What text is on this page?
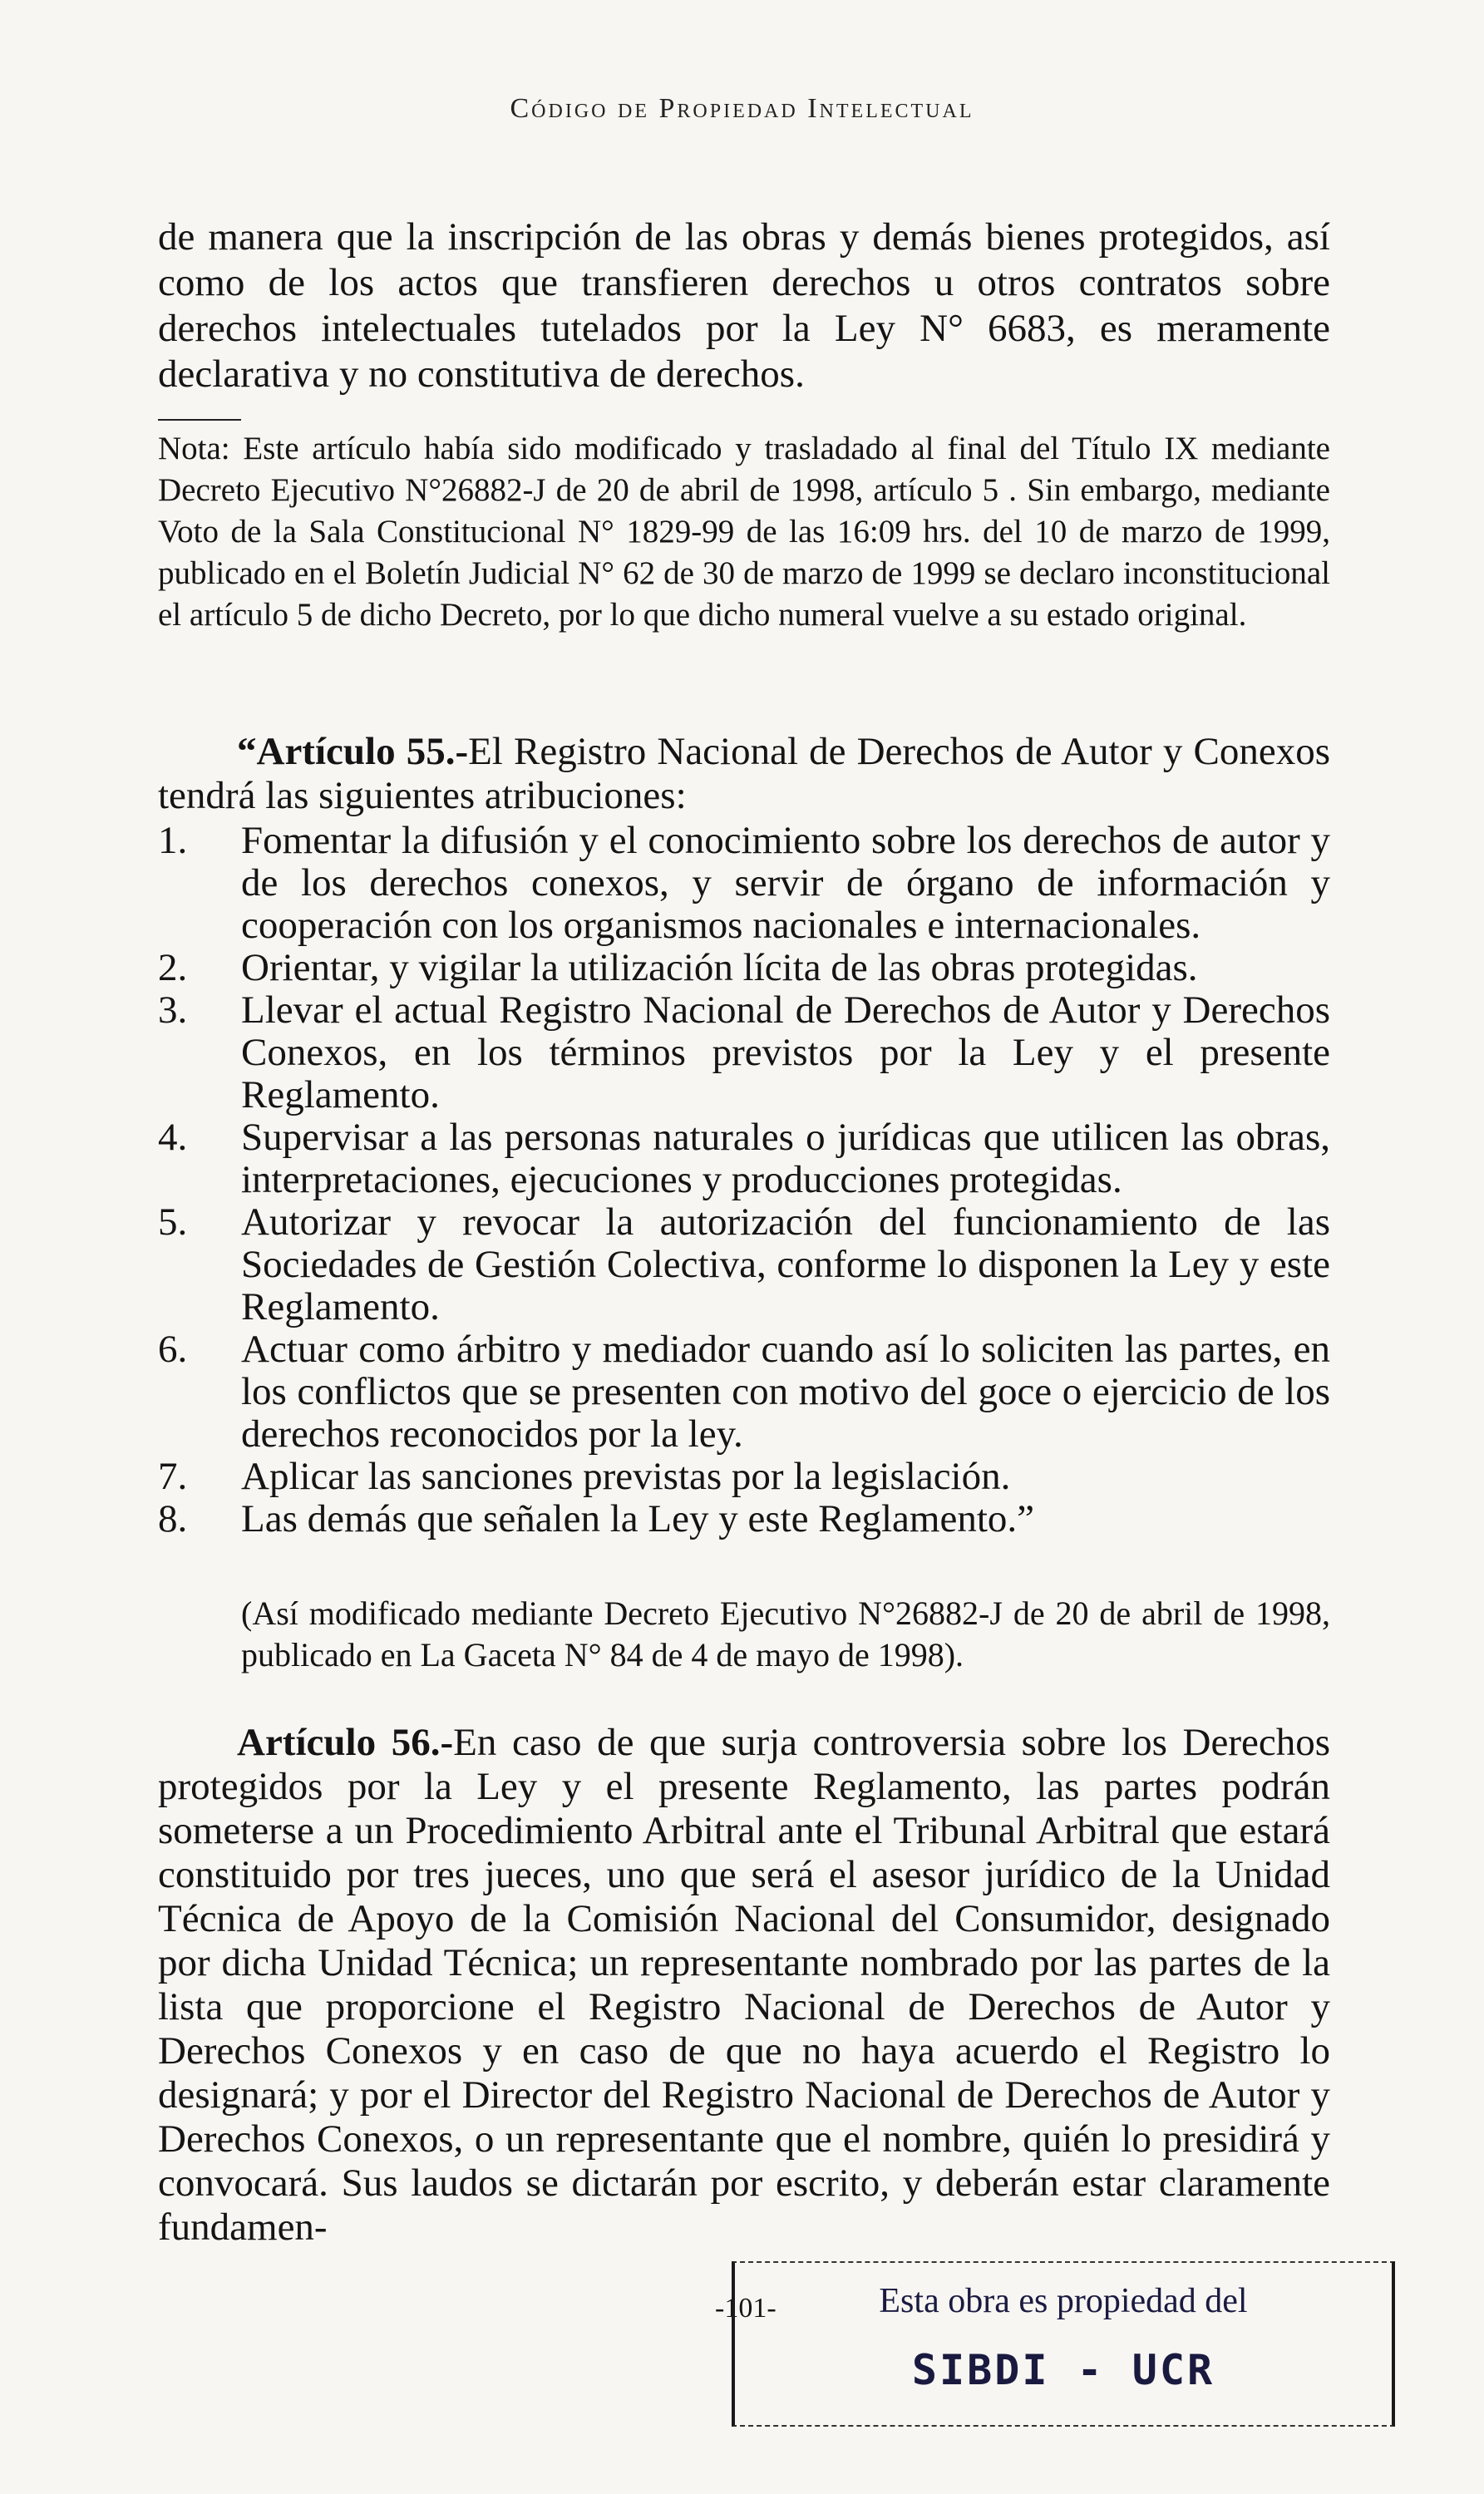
Código de Propiedad Intelectual
de manera que la inscripción de las obras y demás bienes protegidos, así como de los actos que transfieren derechos u otros contratos sobre derechos intelectuales tutelados por la Ley N° 6683, es meramente declarativa y no constitutiva de derechos.
Nota: Este artículo había sido modificado y trasladado al final del Título IX mediante Decreto Ejecutivo N°26882-J de 20 de abril de 1998, artículo 5 . Sin embargo, mediante Voto de la Sala Constitucional N° 1829-99 de las 16:09 hrs. del 10 de marzo de 1999, publicado en el Boletín Judicial N° 62 de 30 de marzo de 1999 se declaro inconstitucional el artículo 5 de dicho Decreto, por lo que dicho numeral vuelve a su estado original.
“Artículo 55.-El Registro Nacional de Derechos de Autor y Conexos tendrá las siguientes atribuciones:
1. Fomentar la difusión y el conocimiento sobre los derechos de autor y de los derechos conexos, y servir de órgano de información y cooperación con los organismos nacionales e internacionales.
2. Orientar, y vigilar la utilización lícita de las obras protegidas.
3. Llevar el actual Registro Nacional de Derechos de Autor y Derechos Conexos, en los términos previstos por la Ley y el presente Reglamento.
4. Supervisar a las personas naturales o jurídicas que utilicen las obras, interpretaciones, ejecuciones y producciones protegidas.
5. Autorizar y revocar la autorización del funcionamiento de las Sociedades de Gestión Colectiva, conforme lo disponen la Ley y este Reglamento.
6. Actuar como árbitro y mediador cuando así lo soliciten las partes, en los conflictos que se presenten con motivo del goce o ejercicio de los derechos reconocidos por la ley.
7. Aplicar las sanciones previstas por la legislación.
8. Las demás que señalen la Ley y este Reglamento.”
(Así modificado mediante Decreto Ejecutivo N°26882-J de 20 de abril de 1998, publicado en La Gaceta N° 84 de 4 de mayo de 1998).
Artículo 56.-En caso de que surja controversia sobre los Derechos protegidos por la Ley y el presente Reglamento, las partes podrán someterse a un Procedimiento Arbitral ante el Tribunal Arbitral que estará constituido por tres jueces, uno que será el asesor jurídico de la Unidad Técnica de Apoyo de la Comisión Nacional del Consumidor, designado por dicha Unidad Técnica; un representante nombrado por las partes de la lista que proporcione el Registro Nacional de Derechos de Autor y Derechos Conexos y en caso de que no haya acuerdo el Registro lo designará; y por el Director del Registro Nacional de Derechos de Autor y Derechos Conexos, o un representante que el nombre, quién lo presidirá y convocará. Sus laudos se dictarán por escrito, y deberán estar claramente fundamen-
-101-	Esta obra es propiedad del
SIBDI - UCR
